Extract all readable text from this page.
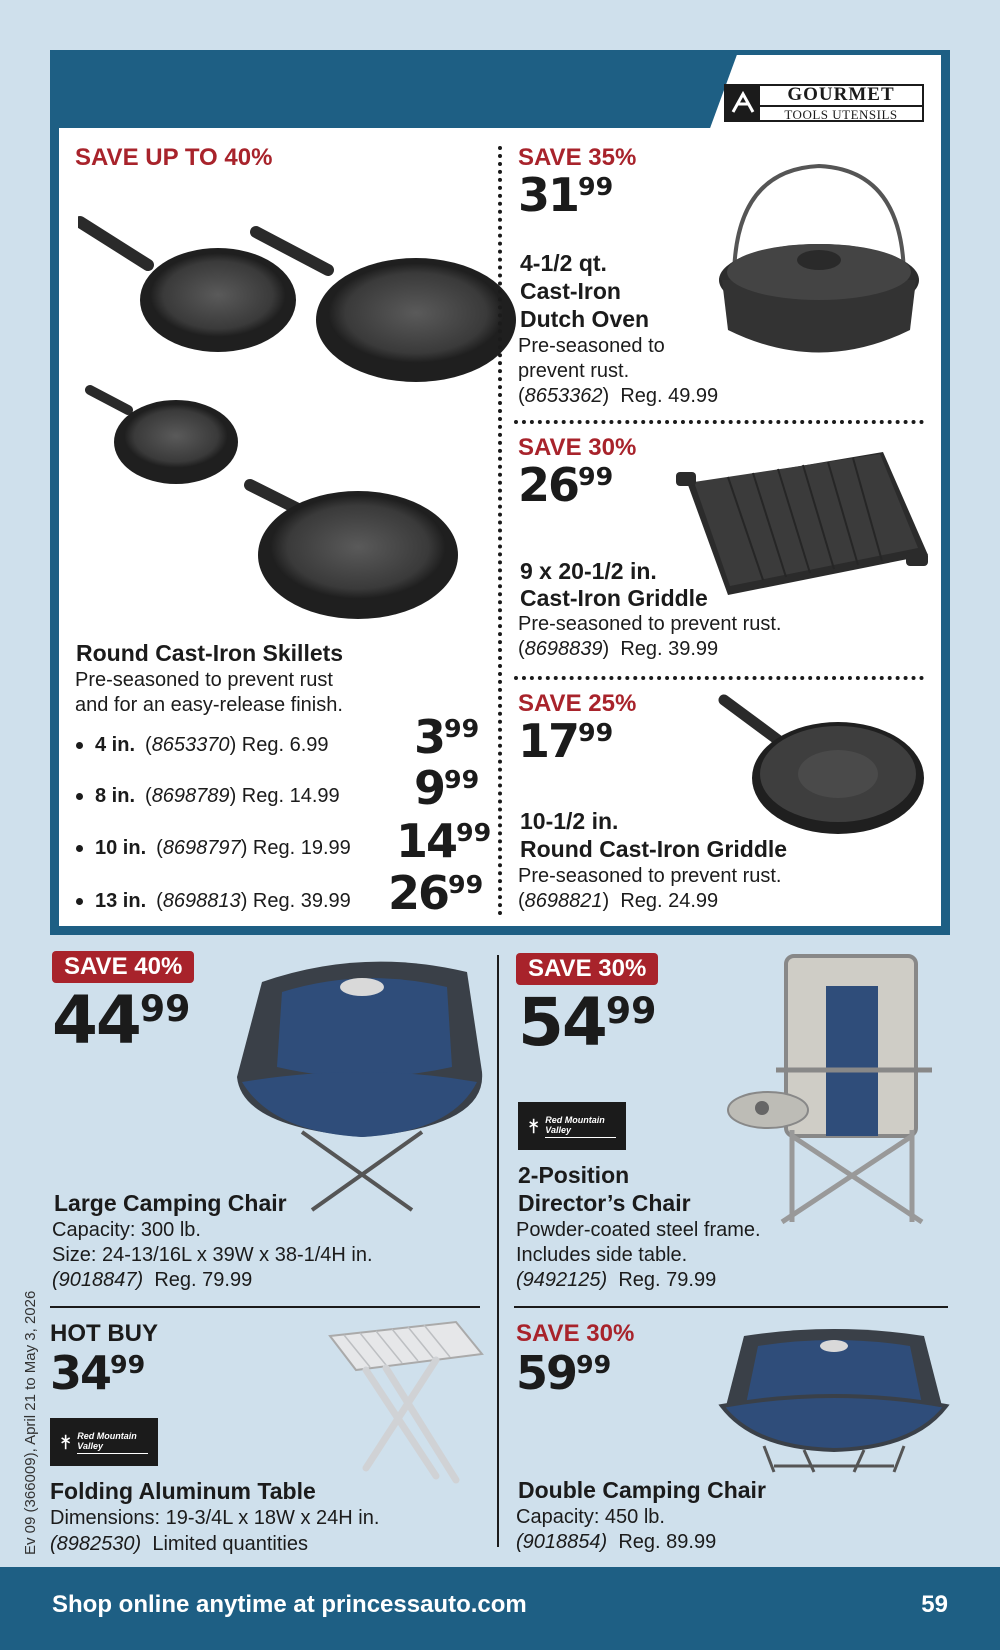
GOURMET
TOOLS UTENSILS
SAVE UP TO 40%
Round Cast-Iron Skillets
Pre-seasoned to prevent rust
and for an easy-release finish.
4 in. ( 8653370 ) Reg. 6.99 $3^{99}$
8 in. ( 8698789 ) Reg. 14.99 $9^{99}$
10 in. ( 8698797 ) Reg. 19.99 $14^{99}$
13 in. ( 8698813 ) Reg. 39.99 $26^{99}$
SAVE 35%
$31^{99}$
4-1/2 qt.
Cast-Iron
Dutch Oven
Pre-seasoned to
prevent rust.
(8653362)  Reg. 49.99
SAVE 30%
$26^{99}$
9 x 20-1/2 in.
Cast-Iron Griddle
Pre-seasoned to prevent rust.
(8698839)  Reg. 39.99
SAVE 25%
$17^{99}$
10-1/2 in.
Round Cast-Iron Griddle
Pre-seasoned to prevent rust.
(8698821)  Reg. 24.99
SAVE 40%
$44^{99}$
Large Camping Chair
Capacity: 300 lb.
Size: 24-13/16L x 39W x 38-1/4H in.
(9018847) Reg. 79.99
SAVE 30%
$54^{99}$
Red Mountain Valley
2-Position
Director’s Chair
Powder-coated steel frame.
Includes side table.
(9492125) Reg. 79.99
HOT BUY
$34^{99}$
Red Mountain Valley
Folding Aluminum Table
Dimensions: 19-3/4L x 18W x 24H in.
(8982530) Limited quantities
SAVE 30%
$59^{99}$
Double Camping Chair
Capacity: 450 lb.
(9018854) Reg. 89.99
Ev 09 (366009), April 21 to May 3, 2026
Shop online anytime at princessauto.com	59
